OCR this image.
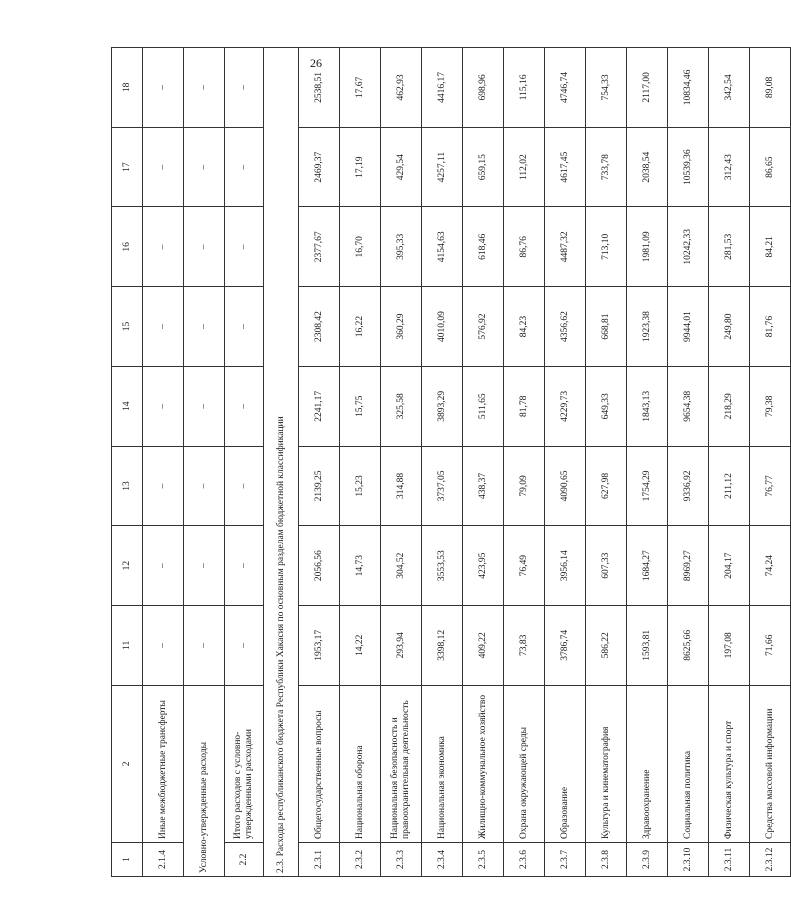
26
1	2	11	12	13	14	15	16	17	18
2.1.4	Иные межбюджетные трансферты	–	–	–	–	–	–	–	–
Условно-утвержденные расходы		–	–	–	–	–	–	–	–
2.2	Итого расходов с условно-утвержденными расходами	–	–	–	–	–	–	–	–
2.3. Расходы республиканского бюджета Республики Хакасия по основным разделам бюджетной классификации									
2.3.1	Общегосударственные вопросы	1953,17	2056,56	2139,25	2241,17	2308,42	2377,67	2469,37	2538,51
2.3.2	Национальная оборона	14,22	14,73	15,23	15,75	16,22	16,70	17,19	17,67
2.3.3	Национальная безопасность и правоохранительная деятельность	293,94	304,52	314,88	325,58	360,29	395,33	429,54	462,93
2.3.4	Национальная экономика	3398,12	3553,53	3737,05	3893,29	4010,09	4154,63	4257,11	4416,17
2.3.5	Жилищно-коммунальное хозяйство	409,22	423,95	438,37	511,65	576,92	618,46	659,15	698,96
2.3.6	Охрана окружающей среды	73,83	76,49	79,09	81,78	84,23	86,76	112,02	115,16
2.3.7	Образование	3786,74	3956,14	4090,65	4229,73	4356,62	4487,32	4617,45	4746,74
2.3.8	Культура и кинематография	586,22	607,33	627,98	649,33	668,81	713,10	733,78	754,33
2.3.9	Здравоохранение	1593,81	1684,27	1754,29	1843,13	1923,38	1981,09	2038,54	2117,00
2.3.10	Социальная политика	8625,66	8969,27	9336,92	9654,38	9944,01	10242,33	10539,36	10834,46
2.3.11	Физическая культура и спорт	197,08	204,17	211,12	218,29	249,80	281,53	312,43	342,54
2.3.12	Средства массовой информации	71,66	74,24	76,77	79,38	81,76	84,21	86,65	89,08
